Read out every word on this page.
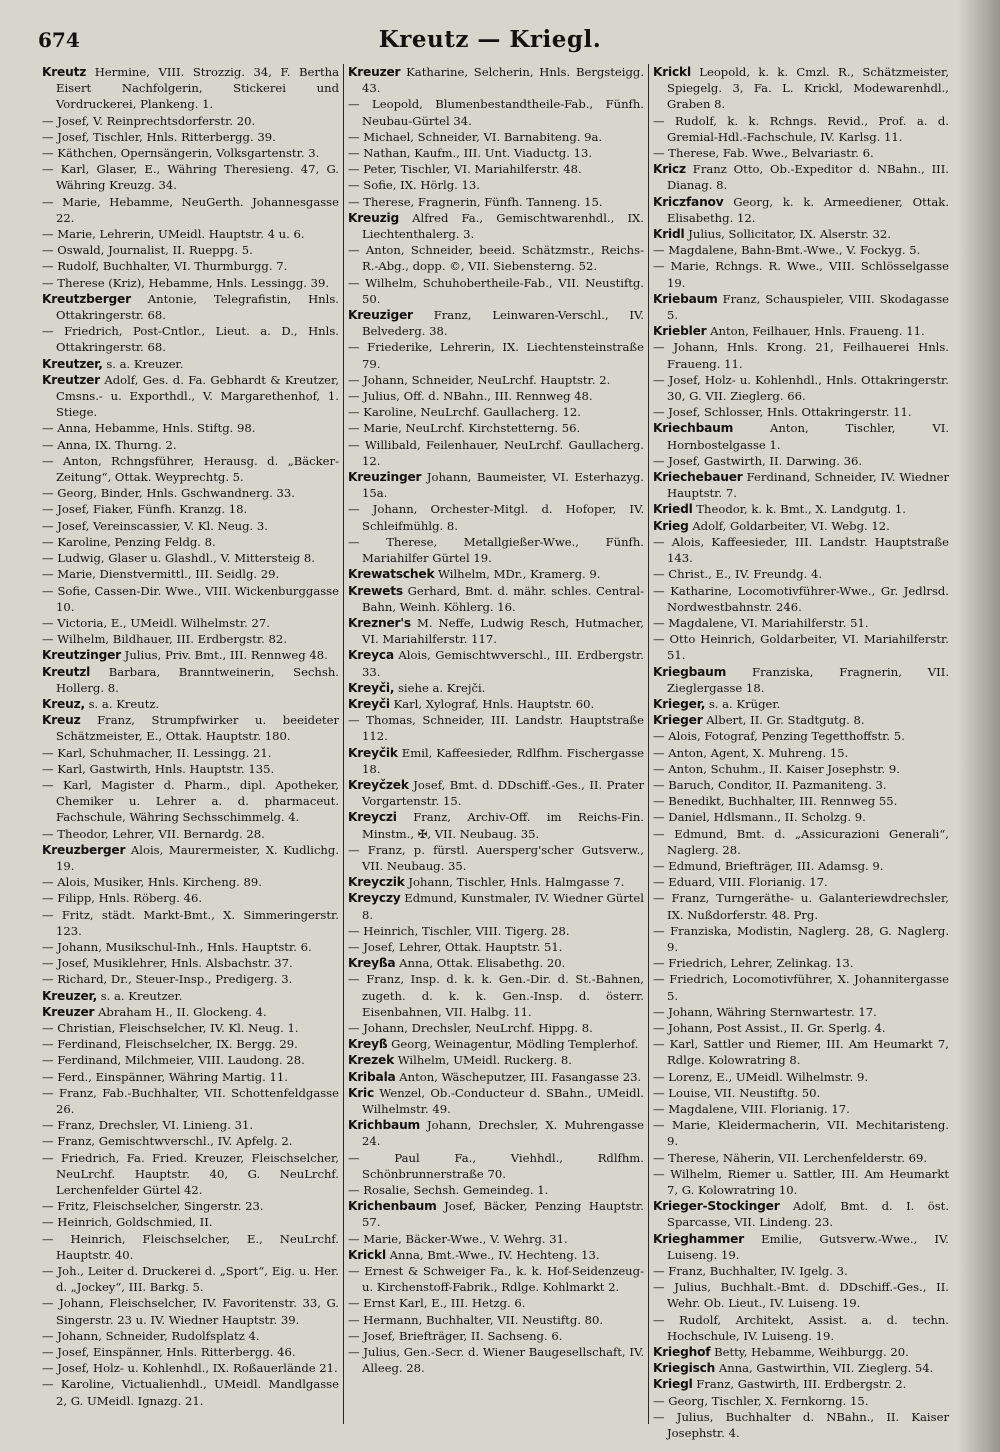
674	Kreutz — Kriegl.

Kreutz Hermine, VIII. Strozzig. 34, F. Bertha Eisert Nachfolgerin, Stickerei und Vordruckerei, Plankeng. 1.

— Josef, V. Reinprechtsdorferstr. 20.

— Josef, Tischler, Hnls. Ritterbergg. 39.

— Käthchen, Opernsängerin, Volksgartenstr. 3.

— Karl, Glaser, E., Währing Theresieng. 47, G. Währing Kreuzg. 34.

— Marie, Hebamme, NeuGerth. Johannesgasse 22.

— Marie, Lehrerin, UMeidl. Hauptstr. 4 u. 6.

— Oswald, Journalist, II. Rueppg. 5.

— Rudolf, Buchhalter, VI. Thurmburgg. 7.

— Therese (Kriz), Hebamme, Hnls. Lessingg. 39.

Kreutzberger Antonie, Telegrafistin, Hnls. Ottakringerstr. 68.

— Friedrich, Post-Cntlor., Lieut. a. D., Hnls. Ottakringerstr. 68.

Kreutzer, s. a. Kreuzer.

Kreutzer Adolf, Ges. d. Fa. Gebhardt & Kreutzer, Cmsns.- u. Exporthdl., V. Margarethenhof, 1. Stiege.

— Anna, Hebamme, Hnls. Stiftg. 98.

— Anna, IX. Thurng. 2.

— Anton, Rchngsführer, Herausg. d. „Bäcker-Zeitung“, Ottak. Weyprechtg. 5.

— Georg, Binder, Hnls. Gschwandnerg. 33.

— Josef, Fiaker, Fünfh. Kranzg. 18.

— Josef, Vereinscassier, V. Kl. Neug. 3.

— Karoline, Penzing Feldg. 8.

— Ludwig, Glaser u. Glashdl., V. Mittersteig 8.

— Marie, Dienstvermittl., III. Seidlg. 29.

— Sofie, Cassen-Dir. Wwe., VIII. Wickenburggasse 10.

— Victoria, E., UMeidl. Wilhelmstr. 27.

— Wilhelm, Bildhauer, III. Erdbergstr. 82.

Kreutzinger Julius, Priv. Bmt., III. Rennweg 48.

Kreutzl Barbara, Branntweinerin, Sechsh. Hollerg. 8.

Kreuz, s. a. Kreutz.

Kreuz Franz, Strumpfwirker u. beeideter Schätzmeister, E., Ottak. Hauptstr. 180.

— Karl, Schuhmacher, II. Lessingg. 21.

— Karl, Gastwirth, Hnls. Hauptstr. 135.

— Karl, Magister d. Pharm., dipl. Apotheker, Chemiker u. Lehrer a. d. pharmaceut. Fachschule, Währing Sechsschimmelg. 4.

— Theodor, Lehrer, VII. Bernardg. 28.

Kreuzberger Alois, Maurermeister, X. Kudlichg. 19.

— Alois, Musiker, Hnls. Kircheng. 89.

— Filipp, Hnls. Röberg. 46.

— Fritz, städt. Markt-Bmt., X. Simmeringerstr. 123.

— Johann, Musikschul-Inh., Hnls. Hauptstr. 6.

— Josef, Musiklehrer, Hnls. Alsbachstr. 37.

— Richard, Dr., Steuer-Insp., Predigerg. 3.

Kreuzer, s. a. Kreutzer.

Kreuzer Abraham H., II. Glockeng. 4.

— Christian, Fleischselcher, IV. Kl. Neug. 1.

— Ferdinand, Fleischselcher, IX. Bergg. 29.

— Ferdinand, Milchmeier, VIII. Laudong. 28.

— Ferd., Einspänner, Währing Martig. 11.

— Franz, Fab.-Buchhalter, VII. Schottenfeldgasse 26.

— Franz, Drechsler, VI. Linieng. 31.

— Franz, Gemischtwverschl., IV. Apfelg. 2.

— Friedrich, Fa. Fried. Kreuzer, Fleischselcher, NeuLrchf. Hauptstr. 40, G. NeuLrchf. Lerchenfelder Gürtel 42.

— Fritz, Fleischselcher, Singerstr. 23.

— Heinrich, Goldschmied, II.

— Heinrich, Fleischselcher, E., NeuLrchf. Hauptstr. 40.

— Joh., Leiter d. Druckerei d. „Sport“, Eig. u. Her. d. „Jockey“, III. Barkg. 5.

— Johann, Fleischselcher, IV. Favoritenstr. 33, G. Singerstr. 23 u. IV. Wiedner Hauptstr. 39.

— Johann, Schneider, Rudolfsplatz 4.

— Josef, Einspänner, Hnls. Ritterbergg. 46.

— Josef, Holz- u. Kohlenhdl., IX. Roßauerlände 21.

— Karoline, Victualienhdl., UMeidl. Mandlgasse 2, G. UMeidl. Ignazg. 21.

Kreuzer Katharine, Selcherin, Hnls. Bergsteigg. 43.

— Leopold, Blumenbestandtheile-Fab., Fünfh. Neubau-Gürtel 34.

— Michael, Schneider, VI. Barnabiteng. 9a.

— Nathan, Kaufm., III. Unt. Viaductg. 13.

— Peter, Tischler, VI. Mariahilferstr. 48.

— Sofie, IX. Hörlg. 13.

— Therese, Fragnerin, Fünfh. Tanneng. 15.

Kreuzig Alfred Fa., Gemischtwarenhdl., IX. Liechtenthalerg. 3.

— Anton, Schneider, beeid. Schätzmstr., Reichs-R.-Abg., dopp. ©, VII. Siebensterng. 52.

— Wilhelm, Schuhobertheile-Fab., VII. Neustiftg. 50.

Kreuziger Franz, Leinwaren-Verschl., IV. Belvederg. 38.

— Friederike, Lehrerin, IX. Liechtensteinstraße 79.

— Johann, Schneider, NeuLrchf. Hauptstr. 2.

— Julius, Off. d. NBahn., III. Rennweg 48.

— Karoline, NeuLrchf. Gaullacherg. 12.

— Marie, NeuLrchf. Kirchstetterng. 56.

— Willibald, Feilenhauer, NeuLrchf. Gaullacherg. 12.

Kreuzinger Johann, Baumeister, VI. Esterhazyg. 15a.

— Johann, Orchester-Mitgl. d. Hofoper, IV. Schleifmühlg. 8.

— Therese, Metallgießer-Wwe., Fünfh. Mariahilfer Gürtel 19.

Krewatschek Wilhelm, MDr., Kramerg. 9.

Krewets Gerhard, Bmt. d. mähr. schles. Central-Bahn, Weinh. Köhlerg. 16.

Krezner's M. Neffe, Ludwig Resch, Hutmacher, VI. Mariahilferstr. 117.

Kreyca Alois, Gemischtwverschl., III. Erdbergstr. 33.

Kreyči, siehe a. Krejči.

Kreyči Karl, Xylograf, Hnls. Hauptstr. 60.

— Thomas, Schneider, III. Landstr. Hauptstraße 112.

Kreyčik Emil, Kaffeesieder, Rdlfhm. Fischergasse 18.

Kreyčzek Josef, Bmt. d. DDschiff.-Ges., II. Prater Vorgartenstr. 15.

Kreyczi Franz, Archiv-Off. im Reichs-Fin. Minstm., ✠, VII. Neubaug. 35.

— Franz, p. fürstl. Auersperg'scher Gutsverw., VII. Neubaug. 35.

Kreyczik Johann, Tischler, Hnls. Halmgasse 7.

Kreyczy Edmund, Kunstmaler, IV. Wiedner Gürtel 8.

— Heinrich, Tischler, VIII. Tigerg. 28.

— Josef, Lehrer, Ottak. Hauptstr. 51.

Kreyßa Anna, Ottak. Elisabethg. 20.

— Franz, Insp. d. k. k. Gen.-Dir. d. St.-Bahnen, zugeth. d. k. k. Gen.-Insp. d. österr. Eisenbahnen, VII. Halbg. 11.

— Johann, Drechsler, NeuLrchf. Hippg. 8.

Kreyß Georg, Weinagentur, Mödling Templerhof.

Krezek Wilhelm, UMeidl. Ruckerg. 8.

Kribala Anton, Wäscheputzer, III. Fasangasse 23.

Kric Wenzel, Ob.-Conducteur d. SBahn., UMeidl. Wilhelmstr. 49.

Krichbaum Johann, Drechsler, X. Muhrengasse 24.

— Paul Fa., Viehhdl., Rdlfhm. Schönbrunnerstraße 70.

— Rosalie, Sechsh. Gemeindeg. 1.

Krichenbaum Josef, Bäcker, Penzing Hauptstr. 57.

— Marie, Bäcker-Wwe., V. Wehrg. 31.

Krickl Anna, Bmt.-Wwe., IV. Hechteng. 13.

— Ernest & Schweiger Fa., k. k. Hof-Seidenzeug- u. Kirchenstoff-Fabrik., Rdlge. Kohlmarkt 2.

— Ernst Karl, E., III. Hetzg. 6.

— Hermann, Buchhalter, VII. Neustiftg. 80.

— Josef, Briefträger, II. Sachseng. 6.

— Julius, Gen.-Secr. d. Wiener Baugesellschaft, IV. Alleeg. 28.

Krickl Leopold, k. k. Cmzl. R., Schätzmeister, Spiegelg. 3, Fa. L. Krickl, Modewarenhdl., Graben 8.

— Rudolf, k. k. Rchngs. Revid., Prof. a. d. Gremial-Hdl.-Fachschule, IV. Karlsg. 11.

— Therese, Fab. Wwe., Belvariastr. 6.

Kricz Franz Otto, Ob.-Expeditor d. NBahn., III. Dianag. 8.

Kriczfanov Georg, k. k. Armeediener, Ottak. Elisabethg. 12.

Kridl Julius, Sollicitator, IX. Alserstr. 32.

— Magdalene, Bahn-Bmt.-Wwe., V. Fockyg. 5.

— Marie, Rchngs. R. Wwe., VIII. Schlösselgasse 19.

Kriebaum Franz, Schauspieler, VIII. Skodagasse 5.

Kriebler Anton, Feilhauer, Hnls. Fraueng. 11.

— Johann, Hnls. Krong. 21, Feilhauerei Hnls. Fraueng. 11.

— Josef, Holz- u. Kohlenhdl., Hnls. Ottakringerstr. 30, G. VII. Zieglerg. 66.

— Josef, Schlosser, Hnls. Ottakringerstr. 11.

Kriechbaum	Anton, Tischler, VI. Hornbostelgasse 1.

— Josef, Gastwirth, II. Darwing. 36.

Kriechebauer Ferdinand, Schneider, IV. Wiedner Hauptstr. 7.

Kriedl Theodor, k. k. Bmt., X. Landgutg. 1.

Krieg Adolf, Goldarbeiter, VI. Webg. 12.

— Alois, Kaffeesieder, III. Landstr. Hauptstraße 143.

— Christ., E., IV. Freundg. 4.

— Katharine, Locomotivführer-Wwe., Gr. Jedlrsd. Nordwestbahnstr. 246.

— Magdalene, VI. Mariahilferstr. 51.

— Otto Heinrich, Goldarbeiter, VI. Mariahilferstr. 51.

Kriegbaum Franziska, Fragnerin, VII. Zieglergasse 18.

Krieger, s. a. Krüger.

Krieger Albert, II. Gr. Stadtgutg. 8.

— Alois, Fotograf, Penzing Tegetthoffstr. 5.

— Anton, Agent, X. Muhreng. 15.

— Anton, Schuhm., II. Kaiser Josephstr. 9.

— Baruch, Conditor, II. Pazmaniteng. 3.

— Benedikt, Buchhalter, III. Rennweg 55.

— Daniel, Hdlsmann., II. Scholzg. 9.

— Edmund, Bmt. d. „Assicurazioni Generali“, Naglerg. 28.

— Edmund, Briefträger, III. Adamsg. 9.

— Eduard, VIII. Florianig. 17.

— Franz, Turngeräthe- u. Galanteriewdrechsler, IX. Nußdorferstr. 48. Prg.

— Franziska, Modistin, Naglerg. 28, G. Naglerg. 9.

— Friedrich, Lehrer, Zelinkag. 13.

— Friedrich, Locomotivführer, X. Johannitergasse 5.

— Johann, Währing Sternwartestr. 17.

— Johann, Post Assist., II. Gr. Sperlg. 4.

— Karl, Sattler und Riemer, III. Am Heumarkt 7, Rdlge. Kolowratring 8.

— Lorenz, E., UMeidl. Wilhelmstr. 9.

— Louise, VII. Neustiftg. 50.

— Magdalene, VIII. Florianig. 17.

— Marie, Kleidermacherin, VII. Mechitaristeng. 9.

— Therese, Näherin, VII. Lerchenfelderstr. 69.

— Wilhelm, Riemer u. Sattler, III. Am Heumarkt 7, G. Kolowratring 10.

Krieger-Stockinger Adolf, Bmt. d. I. öst. Sparcasse, VII. Lindeng. 23.

Krieghammer Emilie, Gutsverw.-Wwe., IV. Luiseng. 19.

— Franz, Buchhalter, IV. Igelg. 3.

— Julius, Buchhalt.-Bmt. d. DDschiff.-Ges., II. Wehr. Ob. Lieut., IV. Luiseng. 19.

— Rudolf, Architekt, Assist. a. d. techn. Hochschule, IV. Luiseng. 19.

Krieghof Betty, Hebamme, Weihburgg. 20.

Kriegisch Anna, Gastwirthin, VII. Zieglerg. 54.

Kriegl Franz, Gastwirth, III. Erdbergstr. 2.

— Georg, Tischler, X. Fernkorng. 15.

— Julius, Buchhalter d. NBahn., II. Kaiser Josephstr. 4.
